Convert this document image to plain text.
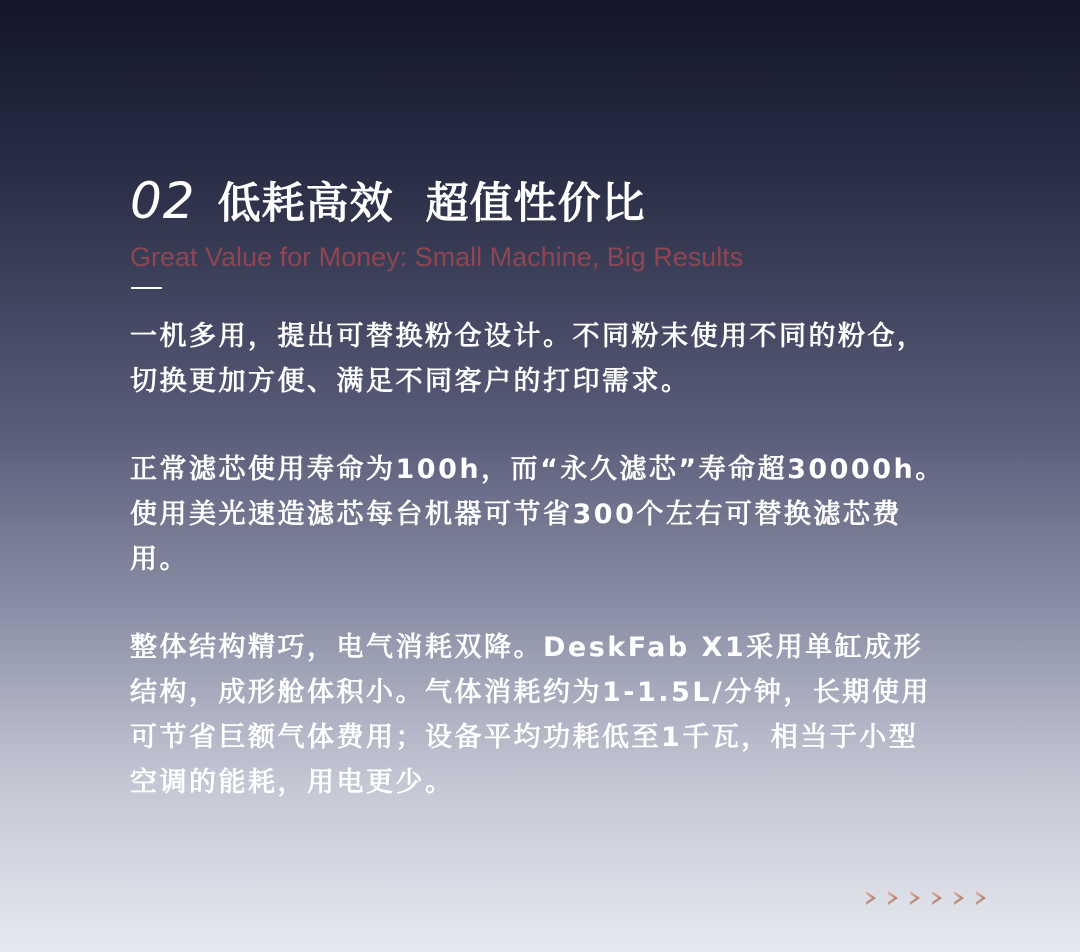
02 低耗高效  超值性价比
Great Value for Money: Small Machine, Big Results

一机多用，提出可替换粉仓设计。不同粉末使用不同的粉仓，
切换更加方便、满足不同客户的打印需求。

正常滤芯使用寿命为100h，而“永久滤芯”寿命超30000h。
使用美光速造滤芯每台机器可节省300个左右可替换滤芯费
用。

整体结构精巧，电气消耗双降。DeskFab X1采用单缸成形
结构，成形舱体积小。气体消耗约为1-1.5L/分钟，长期使用
可节省巨额气体费用；设备平均功耗低至1千瓦，相当于小型
空调的能耗，用电更少。
